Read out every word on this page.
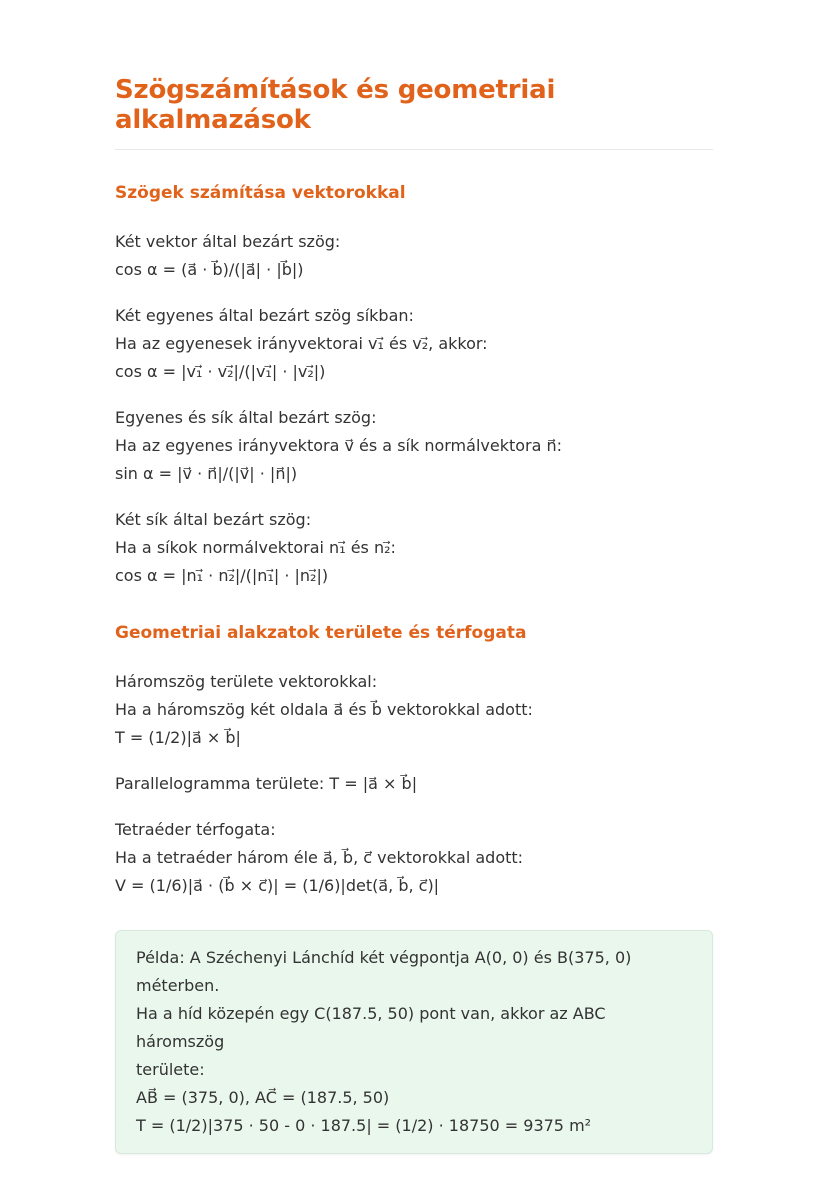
Szögszámítások és geometriai alkalmazások
Szögek számítása vektorokkal

Két vektor által bezárt szög:
cos α = (a⃗ · b⃗)/(|a⃗| · |b⃗|)

Két egyenes által bezárt szög síkban:
Ha az egyenesek irányvektorai v₁⃗ és v₂⃗, akkor:
cos α = |v₁⃗ · v₂⃗|/(|v₁⃗| · |v₂⃗|)

Egyenes és sík által bezárt szög:
Ha az egyenes irányvektora v⃗ és a sík normálvektora n⃗:
sin α = |v⃗ · n⃗|/(|v⃗| · |n⃗|)

Két sík által bezárt szög:
Ha a síkok normálvektorai n₁⃗ és n₂⃗:
cos α = |n₁⃗ · n₂⃗|/(|n₁⃗| · |n₂⃗|)

Geometriai alakzatok területe és térfogata

Háromszög területe vektorokkal:
Ha a háromszög két oldala a⃗ és b⃗ vektorokkal adott:
T = (1/2)|a⃗ × b⃗|

Parallelogramma területe: T = |a⃗ × b⃗|

Tetraéder térfogata:
Ha a tetraéder három éle a⃗, b⃗, c⃗ vektorokkal adott:
V = (1/6)|a⃗ · (b⃗ × c⃗)| = (1/6)|det(a⃗, b⃗, c⃗)|

Példa: A Széchenyi Lánchíd két végpontja A(0, 0) és B(375, 0) méterben.
Ha a híd közepén egy C(187.5, 50) pont van, akkor az ABC háromszög
területe:
AB⃗ = (375, 0), AC⃗ = (187.5, 50)
T = (1/2)|375 · 50 - 0 · 187.5| = (1/2) · 18750 = 9375 m²
